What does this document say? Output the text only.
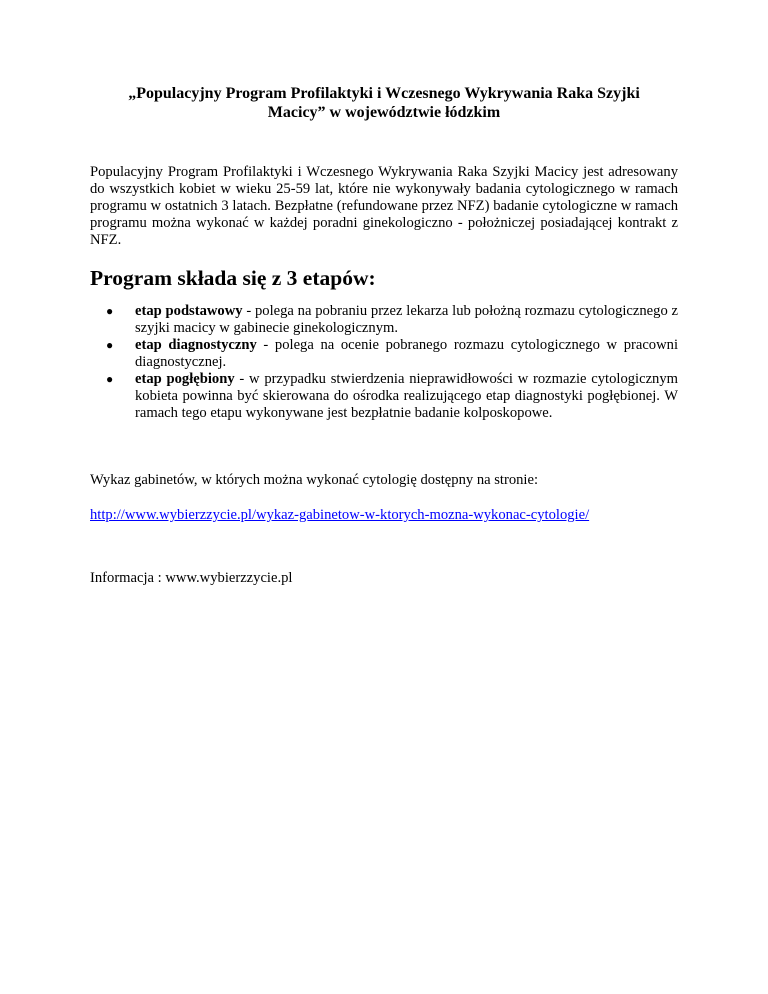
„Populacyjny Program Profilaktyki i Wczesnego Wykrywania Raka Szyjki Macicy” w województwie łódzkim

Populacyjny Program Profilaktyki i Wczesnego Wykrywania Raka Szyjki Macicy jest adresowany do wszystkich kobiet w wieku 25-59 lat, które nie wykonywały badania cytologicznego w ramach programu w ostatnich 3 latach. Bezpłatne (refundowane przez NFZ) badanie cytologiczne w ramach programu można wykonać w każdej poradni ginekologiczno - położniczej posiadającej kontrakt z NFZ.

Program składa się z 3 etapów:
● etap podstawowy - polega na pobraniu przez lekarza lub położną rozmazu cytologicznego z szyjki macicy w gabinecie ginekologicznym.
● etap diagnostyczny - polega na ocenie pobranego rozmazu cytologicznego w pracowni diagnostycznej.
● etap pogłębiony - w przypadku stwierdzenia nieprawidłowości w rozmazie cytologicznym kobieta powinna być skierowana do ośrodka realizującego etap diagnostyki pogłębionej. W ramach tego etapu wykonywane jest bezpłatnie badanie kolposkopowe.
Wykaz gabinetów, w których można wykonać cytologię dostępny na stronie:
http://www.wybierzzycie.pl/wykaz-gabinetow-w-ktorych-mozna-wykonac-cytologie/
Informacja : www.wybierzzycie.pl
